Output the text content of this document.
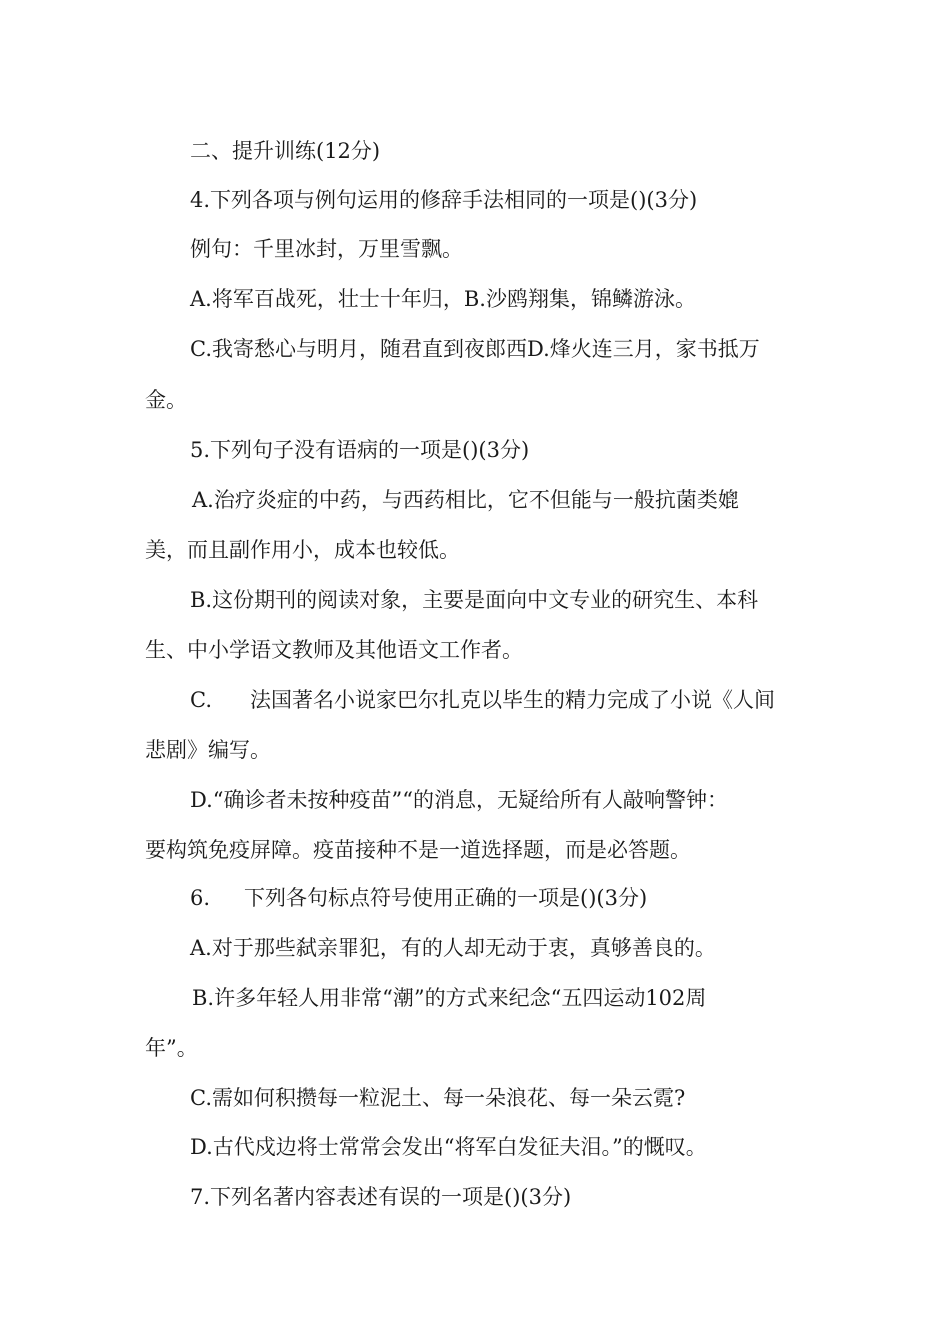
二、提升训练(12分)
4.下列各项与例句运用的修辞手法相同的一项是()(3分)
例句：千里冰封，万里雪飘。
A.将军百战死，壮士十年归，B.沙鸥翔集，锦鳞游泳。
C.我寄愁心与明月，随君直到夜郎西D.烽火连三月，家书抵万
金。
5.下列句子没有语病的一项是()(3分)
A.治疗炎症的中药，与西药相比，它不但能与一般抗菌类媲
美，而且副作用小，成本也较低。
B.这份期刊的阅读对象，主要是面向中文专业的研究生、本科
生、中小学语文教师及其他语文工作者。
C. 法国著名小说家巴尔扎克以毕生的精力完成了小说《人间
悲剧》编写。
D.“确诊者未按种疫苗”“的消息，无疑给所有人敲响警钟：
要构筑免疫屏障。疫苗接种不是一道选择题，而是必答题。
6. 下列各句标点符号使用正确的一项是()(3分)
A.对于那些弑亲罪犯，有的人却无动于衷，真够善良的。
B.许多年轻人用非常“潮”的方式来纪念“五四运动102周
年”。
C.需如何积攒每一粒泥土、每一朵浪花、每一朵云霓?
D.古代戍边将士常常会发出“将军白发征夫泪。”的慨叹。
7.下列名著内容表述有误的一项是()(3分)
